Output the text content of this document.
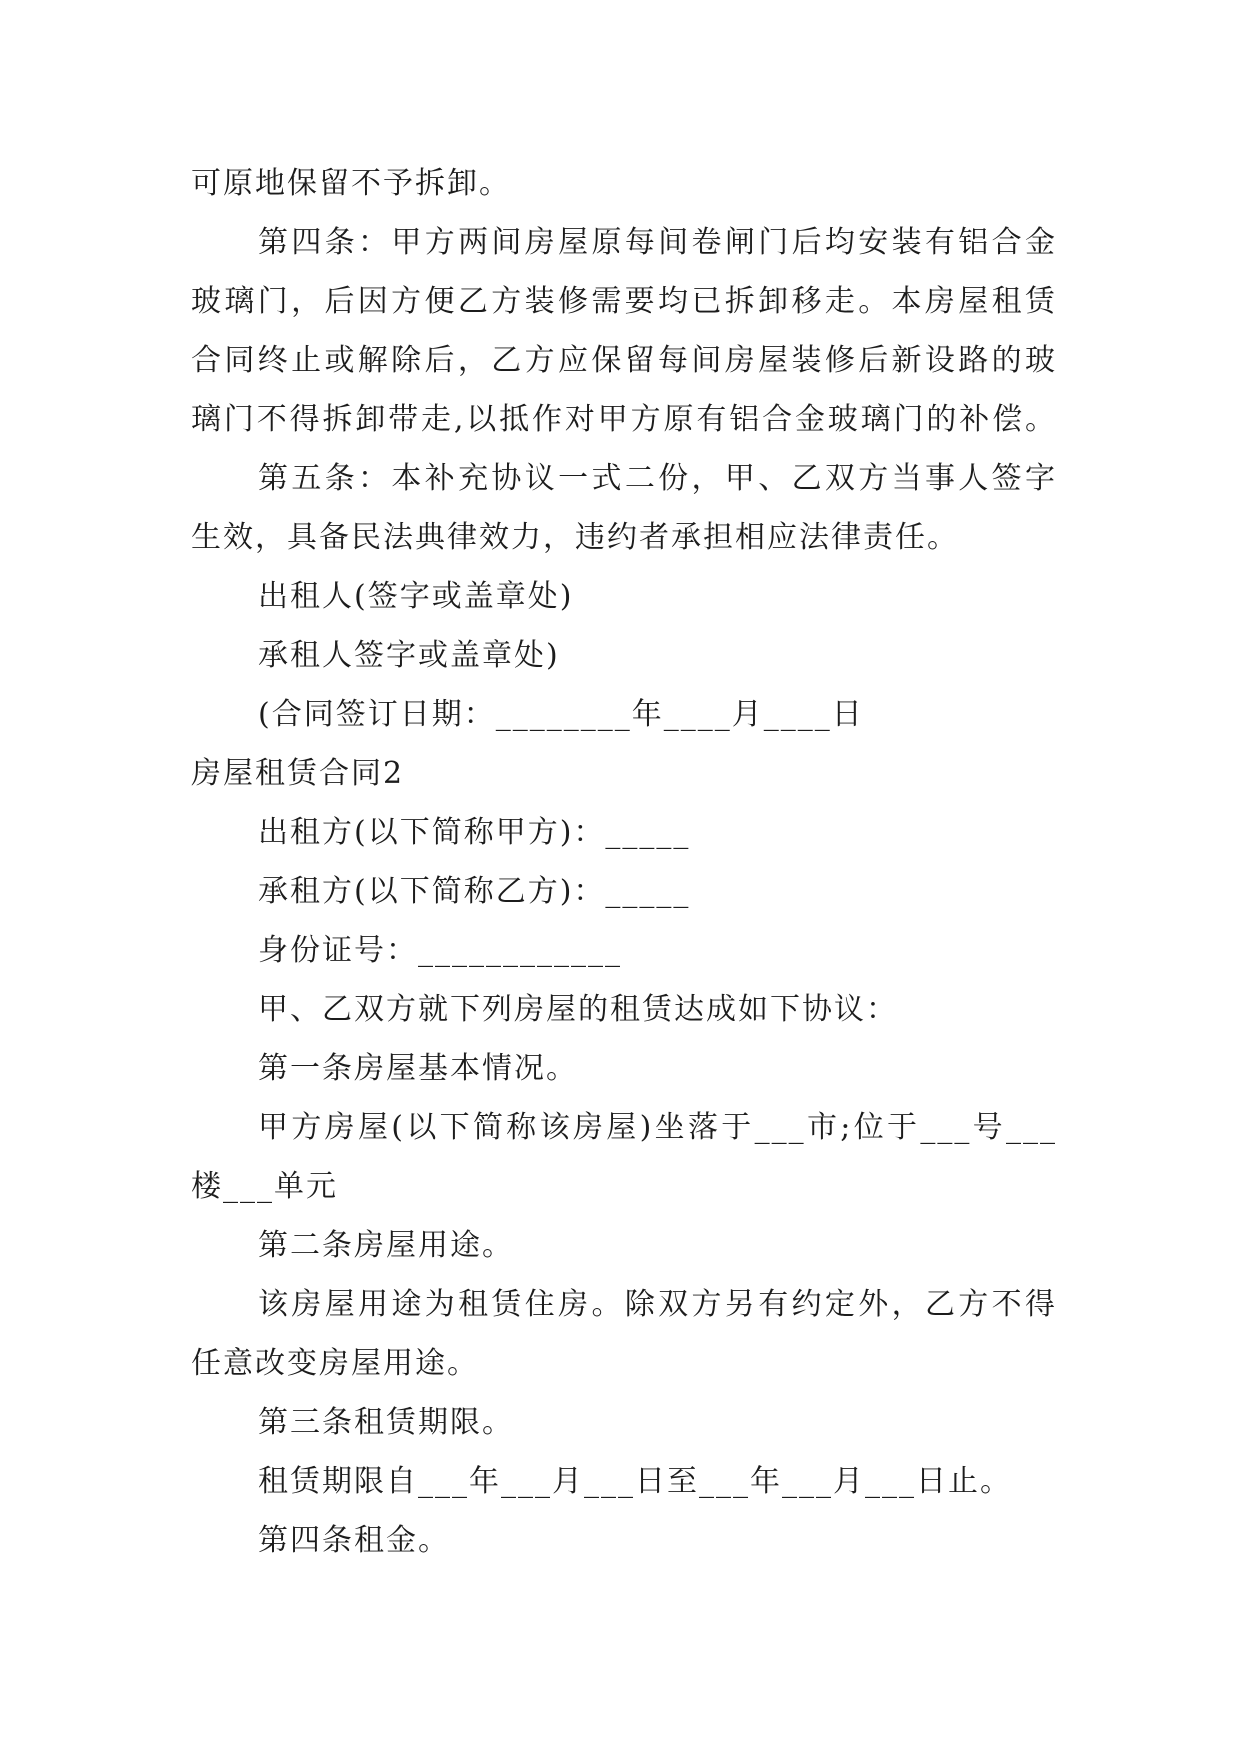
可原地保留不予拆卸。
第四条：甲方两间房屋原每间卷闸门后均安装有铝合金
玻璃门，后因方便乙方装修需要均已拆卸移走。本房屋租赁
合同终止或解除后，乙方应保留每间房屋装修后新设路的玻
璃门不得拆卸带走,以抵作对甲方原有铝合金玻璃门的补偿。
第五条：本补充协议一式二份，甲、乙双方当事人签字
生效，具备民法典律效力，违约者承担相应法律责任。
出租人(签字或盖章处)
承租人签字或盖章处)
(合同签订日期：________年____月____日
房屋租赁合同2
出租方(以下简称甲方)：_____
承租方(以下简称乙方)：_____
身份证号：____________
甲、乙双方就下列房屋的租赁达成如下协议：
第一条房屋基本情况。
甲方房屋(以下简称该房屋)坐落于___市;位于___号___
楼___单元
第二条房屋用途。
该房屋用途为租赁住房。除双方另有约定外，乙方不得
任意改变房屋用途。
第三条租赁期限。
租赁期限自___年___月___日至___年___月___日止。
第四条租金。
